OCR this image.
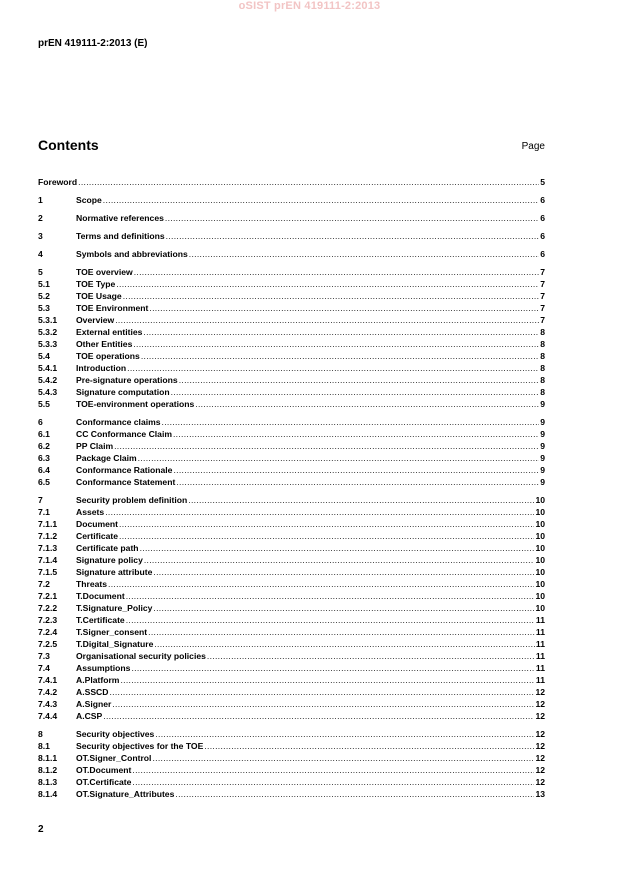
oSIST prEN 419111-2:2013
prEN 419111-2:2013 (E)
Contents	Page
Foreword .....	5
1	Scope .....	6
2	Normative references .....	6
3	Terms and definitions .....	6
4	Symbols and abbreviations .....	6
5	TOE overview .....	7
5.1	TOE Type .....	7
5.2	TOE Usage .....	7
5.3	TOE Environment .....	7
5.3.1	Overview .....	7
5.3.2	External entities .....	8
5.3.3	Other Entities .....	8
5.4	TOE operations .....	8
5.4.1	Introduction .....	8
5.4.2	Pre-signature operations .....	8
5.4.3	Signature computation .....	8
5.5	TOE-environment operations .....	9
6	Conformance claims .....	9
6.1	CC Conformance Claim .....	9
6.2	PP Claim .....	9
6.3	Package Claim .....	9
6.4	Conformance Rationale .....	9
6.5	Conformance Statement .....	9
7	Security problem definition .....	10
7.1	Assets .....	10
7.1.1	Document .....	10
7.1.2	Certificate .....	10
7.1.3	Certificate path .....	10
7.1.4	Signature policy .....	10
7.1.5	Signature attribute .....	10
7.2	Threats .....	10
7.2.1	T.Document .....	10
7.2.2	T.Signature_Policy .....	10
7.2.3	T.Certificate .....	11
7.2.4	T.Signer_consent .....	11
7.2.5	T.Digital_Signature .....	11
7.3	Organisational security policies .....	11
7.4	Assumptions .....	11
7.4.1	A.Platform .....	11
7.4.2	A.SSCD .....	12
7.4.3	A.Signer .....	12
7.4.4	A.CSP .....	12
8	Security objectives .....	12
8.1	Security objectives for the TOE .....	12
8.1.1	OT.Signer_Control .....	12
8.1.2	OT.Document .....	12
8.1.3	OT.Certificate .....	12
8.1.4	OT.Signature_Attributes .....	13
2
